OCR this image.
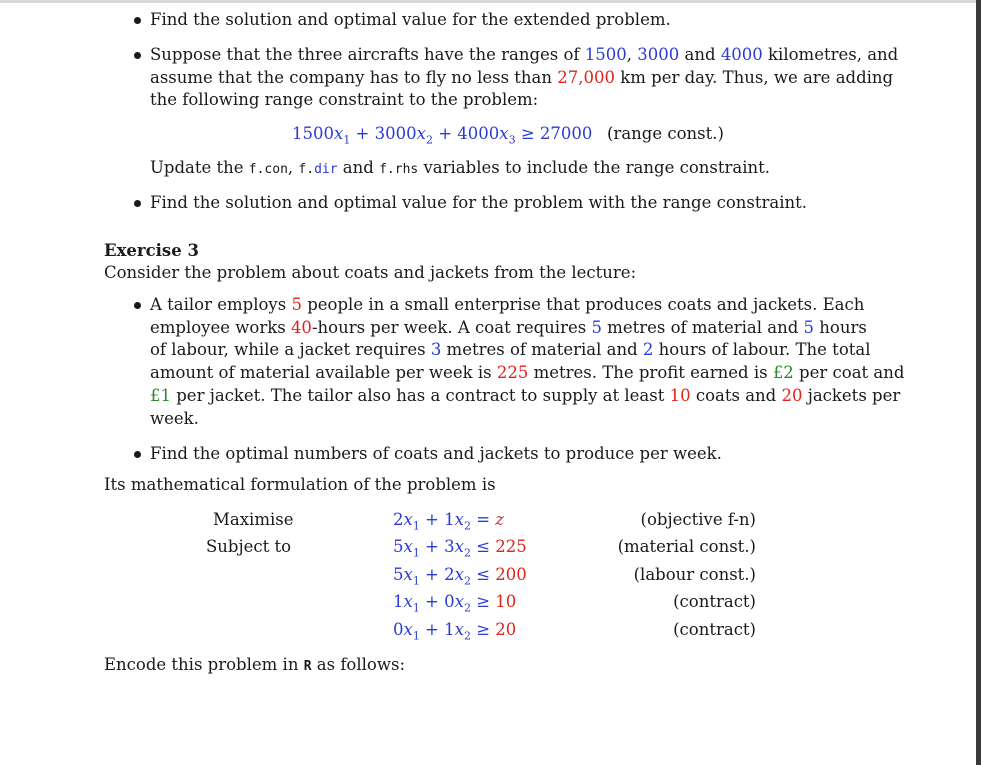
Find the solution and optimal value for the extended problem.
Suppose that the three aircrafts have the ranges of 1500, 3000 and 4000 kilometres, and
assume that the company has to fly no less than 27,000 km per day. Thus, we are adding
the following range constraint to the problem:
$1500x_1 + 3000x_2 + 4000x_3 \ge 27000$ (range const.)
Update the f.con, f.dir and f.rhs variables to include the range constraint.
Find the solution and optimal value for the problem with the range constraint.
Exercise 3
Consider the problem about coats and jackets from the lecture:
A tailor employs 5 people in a small enterprise that produces coats and jackets. Each
employee works 40-hours per week. A coat requires 5 metres of material and 5 hours
of labour, while a jacket requires 3 metres of material and 2 hours of labour. The total
amount of material available per week is 225 metres. The profit earned is £2 per coat and
£1 per jacket. The tailor also has a contract to supply at least 10 coats and 20 jackets per
week.
Find the optimal numbers of coats and jackets to produce per week.
Its mathematical formulation of the problem is
Maximise
Subject to
$2x_1 + 1x_2 = z$
$5x_1 + 3x_2 \le 225$
$5x_1 + 2x_2 \le 200$
$1x_1 + 0x_2 \ge 10$
$0x_1 + 1x_2 \ge 20$
(objective f-n)
(material const.)
(labour const.)
(contract)
(contract)
Encode this problem in R as follows:
